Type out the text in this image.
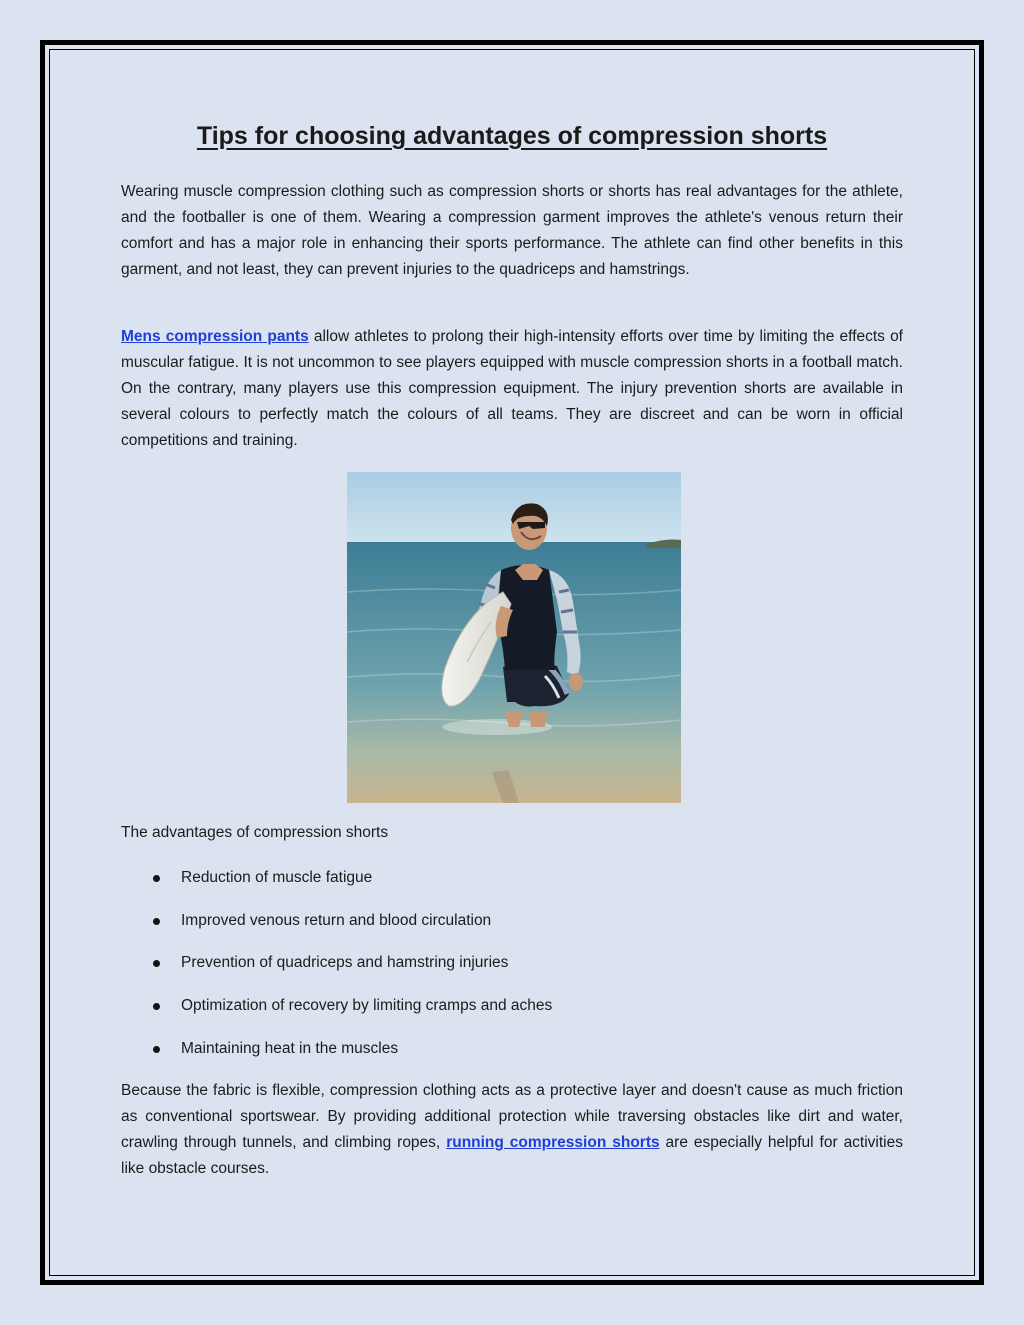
Tips for choosing advantages of compression shorts

Wearing muscle compression clothing such as compression shorts or shorts has real advantages for the athlete, and the footballer is one of them. Wearing a compression garment improves the athlete's venous return their comfort and has a major role in enhancing their sports performance. The athlete can find other benefits in this garment, and not least, they can prevent injuries to the quadriceps and hamstrings.

Mens compression pants allow athletes to prolong their high-intensity efforts over time by limiting the effects of muscular fatigue. It is not uncommon to see players equipped with muscle compression shorts in a football match. On the contrary, many players use this compression equipment. The injury prevention shorts are available in several colours to perfectly match the colours of all teams. They are discreet and can be worn in official competitions and training.

The advantages of compression shorts

Reduction of muscle fatigue
Improved venous return and blood circulation
Prevention of quadriceps and hamstring injuries
Optimization of recovery by limiting cramps and aches
Maintaining heat in the muscles

Because the fabric is flexible, compression clothing acts as a protective layer and doesn't cause as much friction as conventional sportswear. By providing additional protection while traversing obstacles like dirt and water, crawling through tunnels, and climbing ropes, running compression shorts are especially helpful for activities like obstacle courses.
